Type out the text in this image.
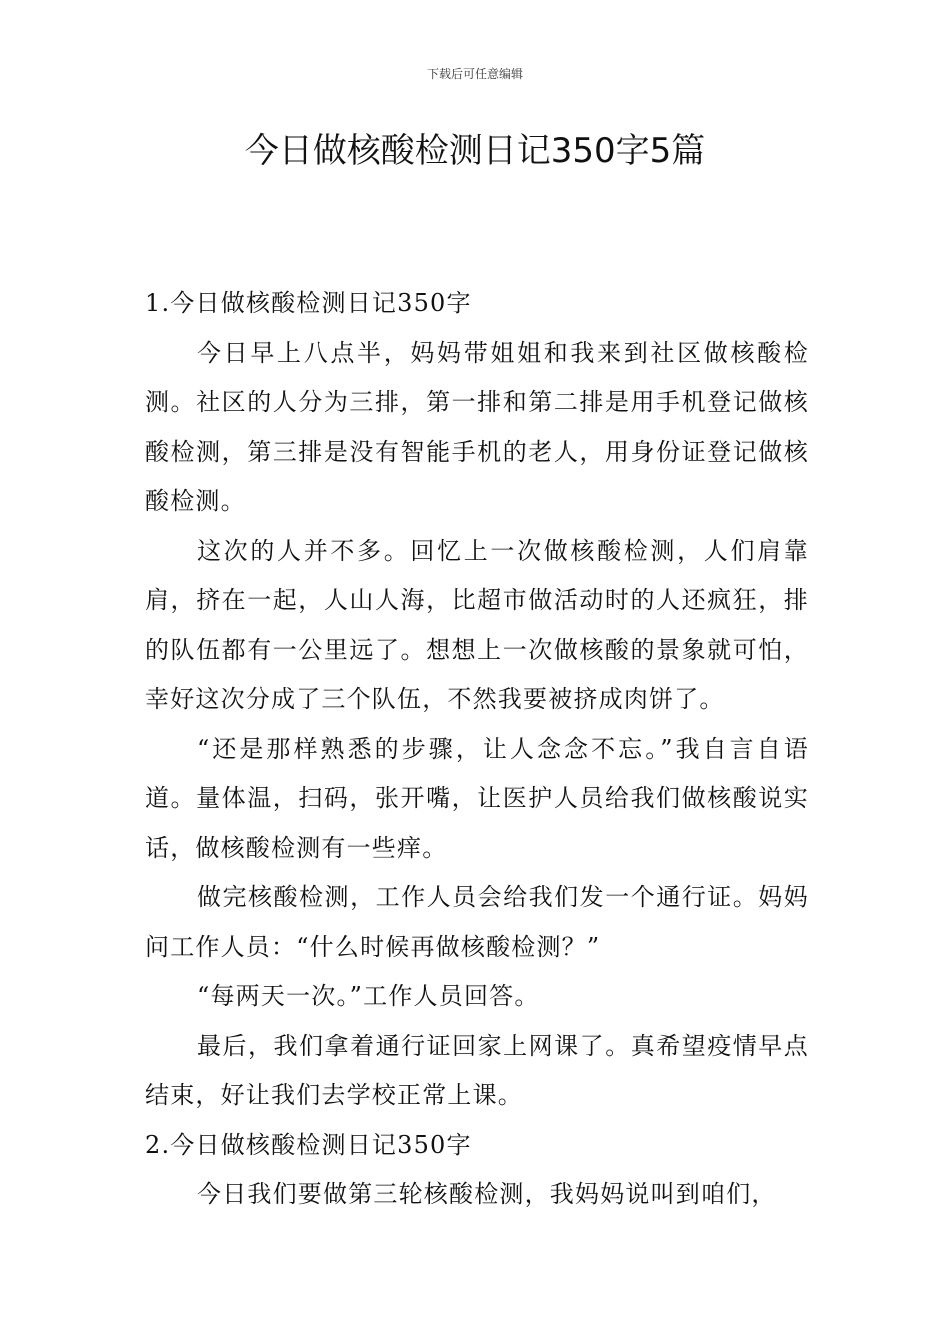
下载后可任意编辑
今日做核酸检测日记350字5篇

1.今日做核酸检测日记350字

今日早上八点半，妈妈带姐姐和我来到社区做核酸检测。社区的人分为三排，第一排和第二排是用手机登记做核酸检测，第三排是没有智能手机的老人，用身份证登记做核酸检测。

这次的人并不多。回忆上一次做核酸检测，人们肩靠肩，挤在一起，人山人海，比超市做活动时的人还疯狂，排的队伍都有一公里远了。想想上一次做核酸的景象就可怕，幸好这次分成了三个队伍，不然我要被挤成肉饼了。

“还是那样熟悉的步骤，让人念念不忘。”我自言自语道。量体温，扫码，张开嘴，让医护人员给我们做核酸说实话，做核酸检测有一些痒。

做完核酸检测，工作人员会给我们发一个通行证。妈妈问工作人员：“什么时候再做核酸检测？”

“每两天一次。”工作人员回答。

最后，我们拿着通行证回家上网课了。真希望疫情早点结束，好让我们去学校正常上课。

2.今日做核酸检测日记350字

今日我们要做第三轮核酸检测，我妈妈说叫到咱们，
